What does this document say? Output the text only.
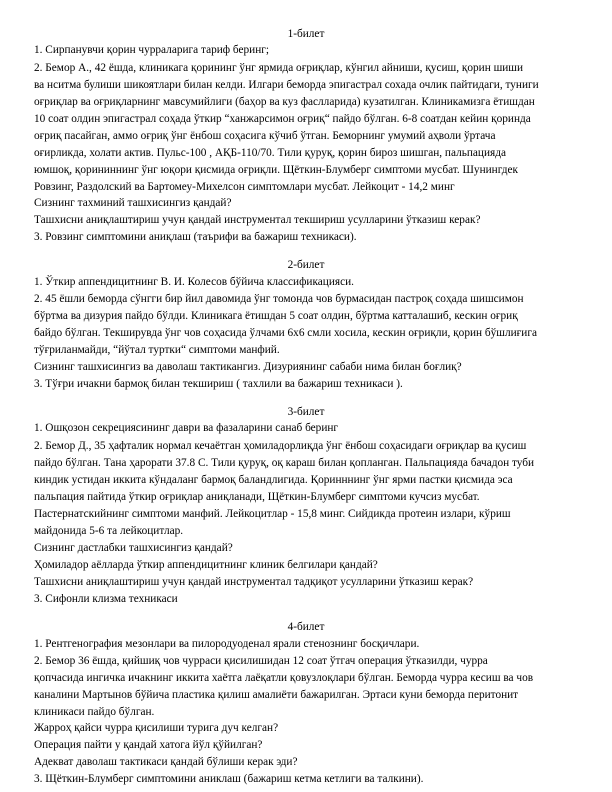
1-билет
1. Сирпанувчи қорин чурраларига тариф беринг;
2. Бемор А., 42 ёшда, клиникага қорининг ўнг ярмида оғриқлар, кўнгил айниши, қусиш, қорин шиши
ва нситма булиши шикоятлари билан келди. Илгари беморда эпигастрал сохада очлик пайтидаги, туниги
оғриқлар ва оғриқларнинг мавсумийлиги (баҳор ва куз фаслларида) кузатилган. Клиникамизга ётишдан
10 соат олдин эпигастрал соҳада ўткир “ханжарсимон оғриқ“ пайдо бўлган. 6-8 соатдан кейин қоринда
оғриқ пасайган, аммо оғриқ ўнг ёнбош соҳасига кўчиб ўтган. Беморнинг умумий аҳволи ўртача
оғирликда, холати актив. Пульс-100 , АҚБ-110/70. Тили қуруқ, қорин бироз шишган, пальпацияда
юмшоқ, қорининнинг ўнг юқори қисмида оғриқли. Щёткин-Блумберг симптоми мусбат. Шунингдек
Ровзинг, Раздолский ва Бартомеу-Михелсон симптомлари мусбат. Лейкоцит - 14,2 минг
Сизнинг тахминий ташхисингиз қандай?
Ташхисни аниқлаштириш учун қандай инструментал текшириш усулларини ўтказиш керак?
3. Ровзинг симптомини аниқлаш (таърифи ва бажариш техникаси).
2-билет
1. Ўткир аппендицитнинг В. И. Колесов бўйича классификацияси.
2. 45 ёшли беморда сўнгги бир йил давомида ўнг томонда чов бурмасидан пастроқ соҳада шишсимон
бўртма ва дизурия пайдо бўлди. Клиникага ётишдан 5 соат олдин, бўртма катталашиб, кескин оғриқ
байдо бўлган. Текширувда ўнг чов соҳасида ўлчами 6х6 смли хосила, кескин оғриқли, қорин бўшлиғига
тўғриланмайди, “йўтал туртки“ симптоми манфий.
Сизнинг ташхисингиз ва даволаш тактикангиз. Дизуриянинг сабаби нима билан боғлиқ?
3. Тўғри ичакни бармоқ билан текшириш ( тахлили ва бажариш техникаси ).
3-билет
1. Ошқозон секрециясининг даври ва фазаларини санаб беринг
2. Бемор Д., 35 ҳафталик нормал кечаётган ҳомиладорлиқда ўнг ёнбош соҳасидаги оғриқлар ва қусиш
пайдо бўлган. Тана ҳарорати 37.8 С. Тили қуруқ, оқ караш билан қопланган. Пальпацияда бачадон туби
киндик устидан иккита кўндаланг бармоқ баландлигида. Қоринннинг ўнг ярми пастки қисмида эса
пальпация пайтида ўткир оғриқлар аниқланади, Щёткин-Блумберг симптоми кучсиз мусбат.
Пастернатскийнинг симптоми манфий. Лейкоцитлар - 15,8 минг. Сийдикда протеин излари, кўриш
майдонида 5-6 та лейкоцитлар.
Сизнинг дастлабки ташхисингиз қандай?
Ҳомиладор аёлларда ўткир аппендицитнинг клиник белгилари қандай?
Ташхисни аниқлаштириш учун қандай инструментал тадқиқот усулларини ўтказиш керак?
3. Сифонли клизма техникаси
4-билет
1. Рентгенография мезонлари ва пилородуоденал ярали стенознинг босқичлари.
2. Бемор 36 ёшда, қийшиқ чов чурраси қисилишидан 12 соат ўтгач операция ўтказилди, чурра
қопчасида ингичка ичакнинг иккита хаётга лаёқатли қовузлоқлари бўлган. Беморда чурра кесиш ва чов
каналини Мартынов бўйича пластика қилиш амалиёти бажарилган. Эртаси куни беморда перитонит
клиникаси пайдо бўлган.
Жарроҳ қайси чурра қисилиши турига дуч келган?
Операция пайти у қандай хатога йўл қўйилган?
Адекват даволаш тактикаси қандай бўлиши керак эди?
3. Щёткин-Блумберг симптомини аниклаш (бажариш кетма кетлиги ва талкини).
